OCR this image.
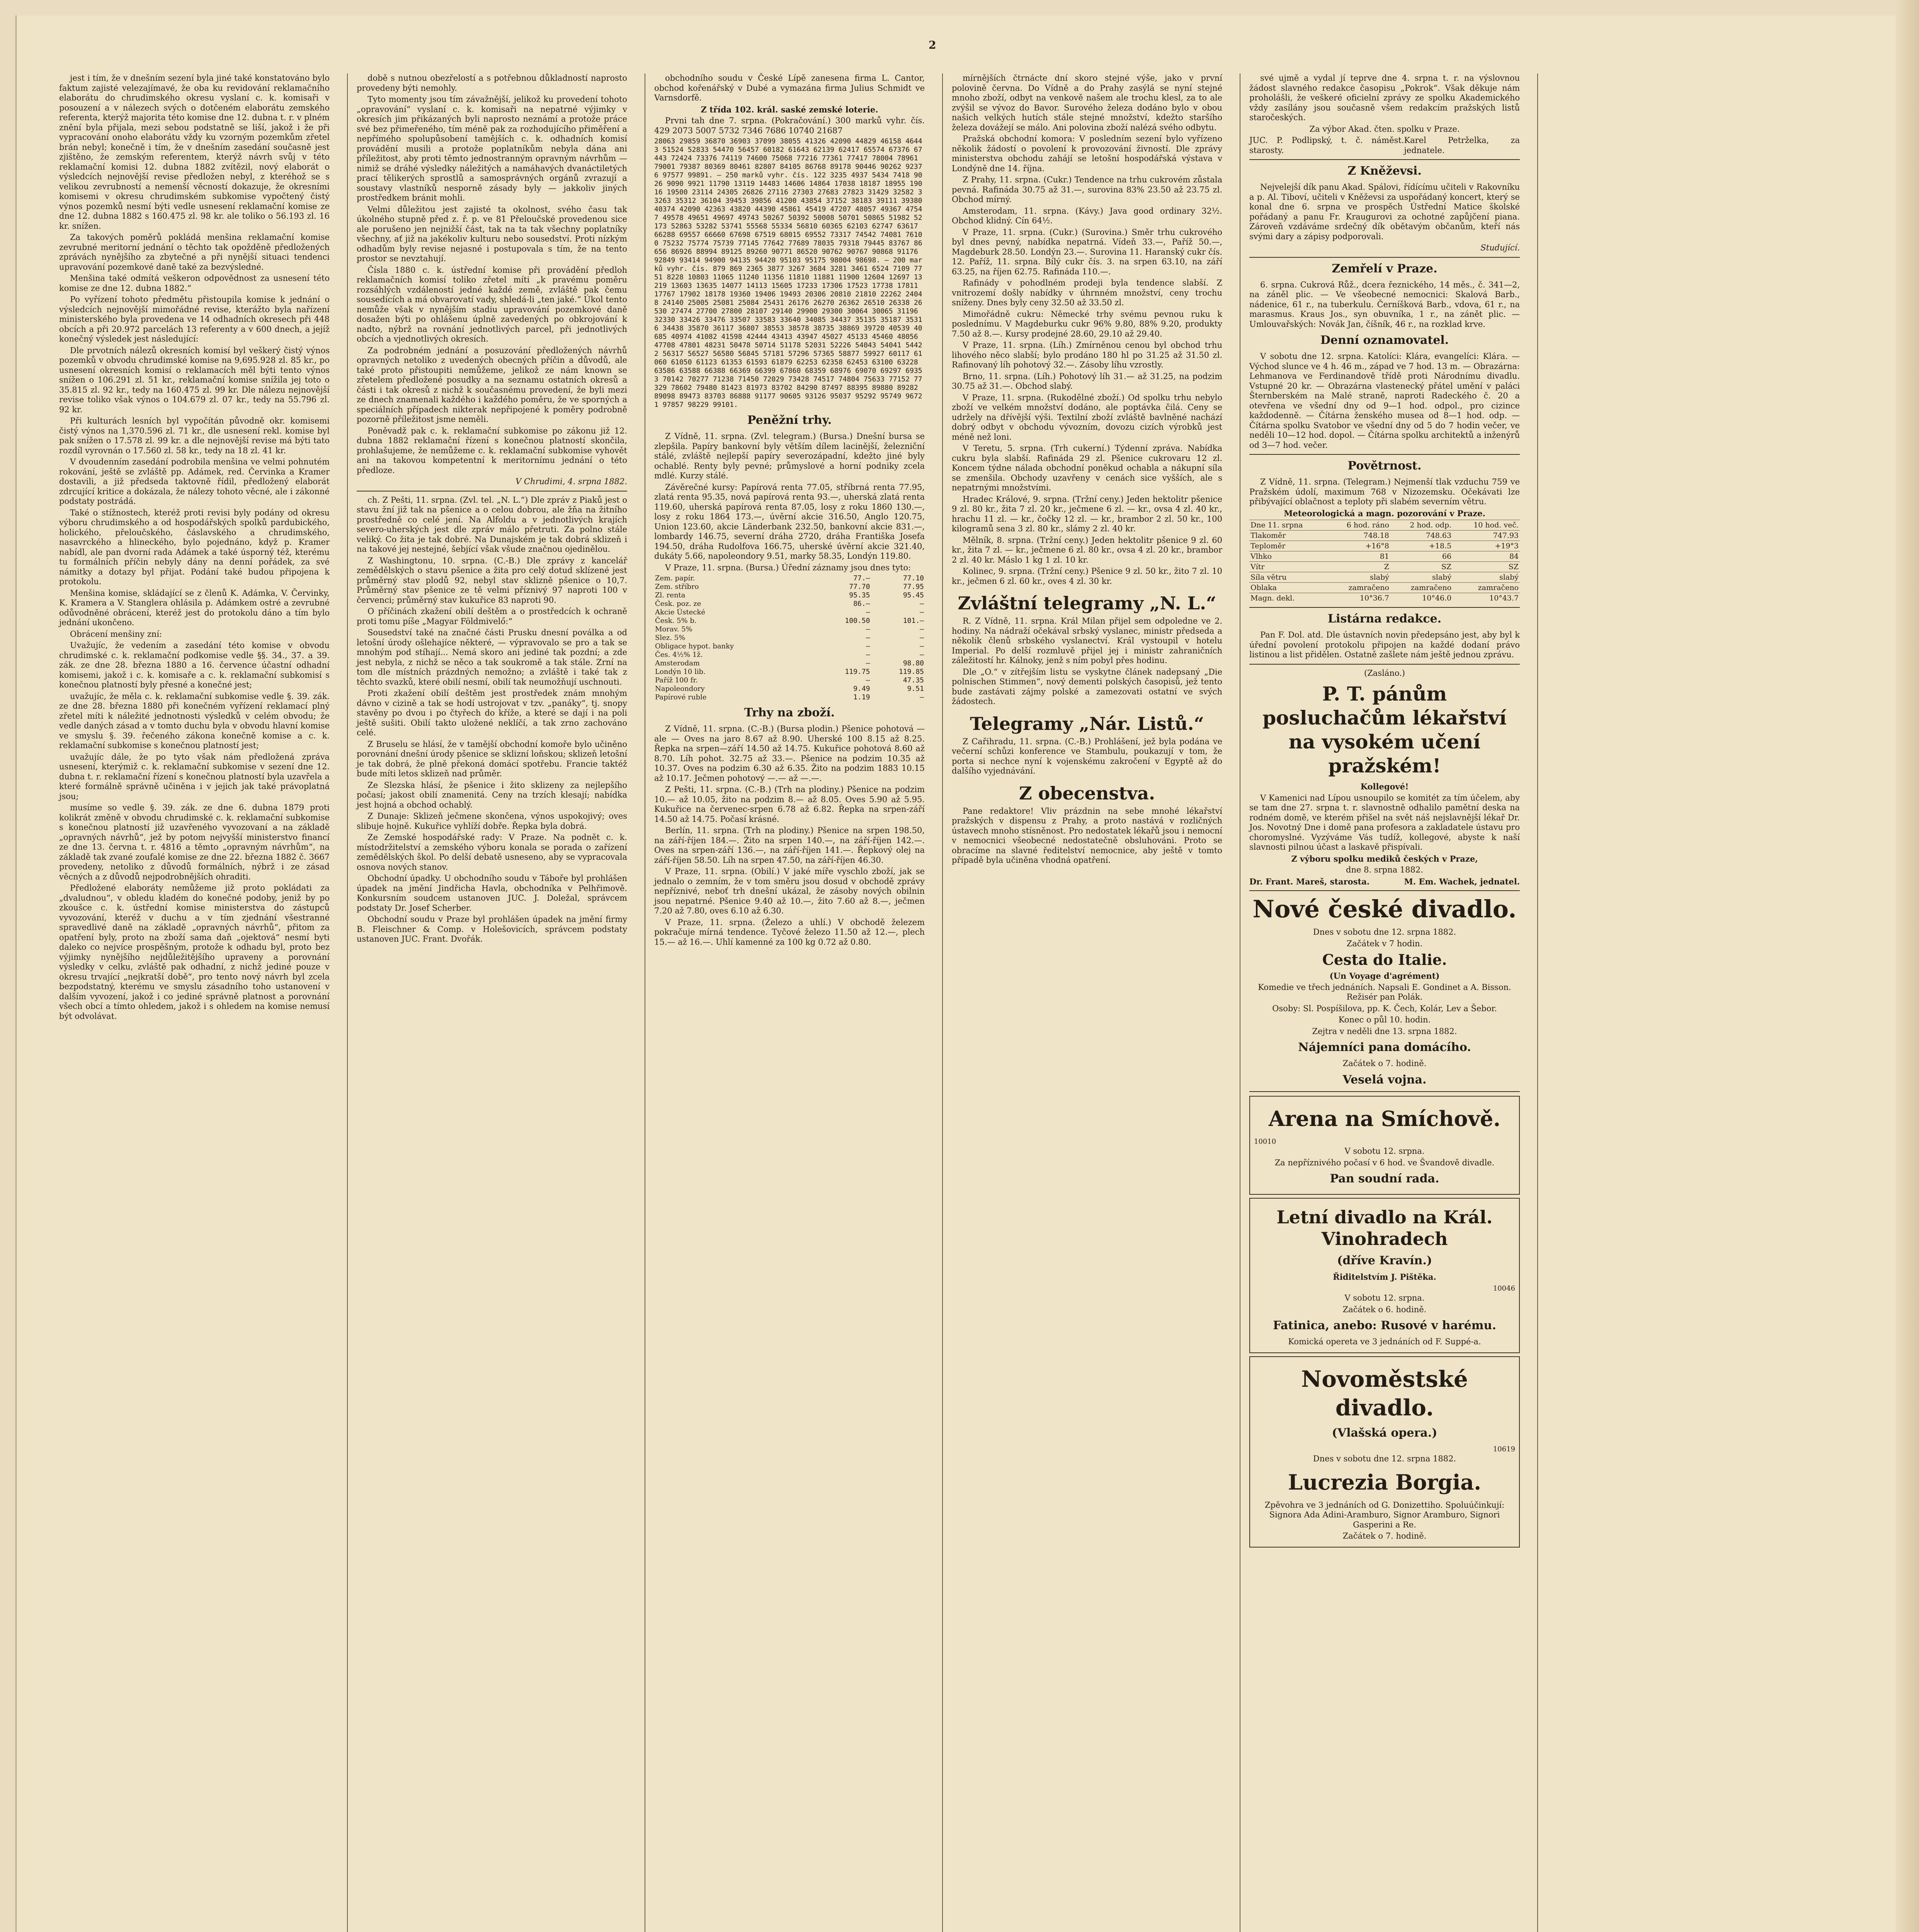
2

jest i tím, že v dnešním sezení byla jiné také konstatováno bylo faktum zajisté velezajímavé, že oba ku revidování reklamačního elaborátu do chrudimského okresu vyslaní c. k. komisaři v posouzení a v nálezech svých o dotčeném elaborátu zemského referenta, kterýž majorita této komise dne 12. dubna t. r. v plném znění byla přijala, mezi sebou podstatně se liší, jakož i že při vypracování onoho elaborátu vždy ku vzorným pozemkům zřetel brán nebyl; konečně i tím, že v dnešním zasedání současně jest zjištěno, že zemským referentem, kterýž návrh svůj v této reklamační komisi 12. dubna 1882 zvítězil, nový elaborát o výsledcích nejnovější revise předložen nebyl, z kteréhož se s velikou zevrubností a nemenší věcností dokazuje, že okresními komisemi v okresu chrudimském subkomise vypočtený čistý výnos pozemků nesmí býti vedle usnesení reklamační komise ze dne 12. dubna 1882 s 160.475 zl. 98 kr. ale toliko o 56.193 zl. 16 kr. snížen.

Za takových poměrů pokládá menšina reklamační komise zevrubné meritorní jednání o těchto tak opožděně předložených zprávách nynějšího za zbytečné a při nynější situaci tendenci upravování pozemkové daně také za bezvýsledné.

Menšina také odmítá veškeron odpovědnost za usnesení této komise ze dne 12. dubna 1882.“

Po vyřízení tohoto předmětu přistoupila komise k jednání o výsledcích nejnovější mimořádné revise, kterážto byla nařízení ministerského byla provedena ve 14 odhadních okresech při 448 obcích a při 20.972 parcelách 13 referenty a v 600 dnech, a jejíž konečný výsledek jest následující:

Dle prvotních nálezů okresních komisí byl veškerý čistý výnos pozemků v obvodu chrudimské komise na 9,695.928 zl. 85 kr., po usnesení okresních komisí o reklamacích měl býti tento výnos snížen o 106.291 zl. 51 kr., reklamační komise snížila jej toto o 35.815 zl. 92 kr., tedy na 160.475 zl. 99 kr. Dle nálezu nejnovější revise toliko však výnos o 104.679 zl. 07 kr., tedy na 55.796 zl. 92 kr.

Při kulturách lesních byl vypočítán původně okr. komisemi čistý výnos na 1,370.596 zl. 71 kr., dle usnesení rekl. komise byl pak snížen o 17.578 zl. 99 kr. a dle nejnovější revise má býti tato rozdíl vyrovnán o 17.560 zl. 58 kr., tedy na 18 zl. 41 kr.

V dvoudenním zasedání podrobila menšina ve velmi pohnutém rokování, ještě se zvláště pp. Adámek, red. Červinka a Kramer dostavili, a již předseda taktovně řídil, předložený elaborát zdrcující kritice a dokázala, že nálezy tohoto věcné, ale i zákonné podstaty postrádá.

Také o stížnostech, kteréž proti revisi byly podány od okresu výboru chrudimského a od hospodářských spolků pardubického, holického, přeloučského, čáslavského a chrudimského, nasavrckého a hlineckého, bylo pojednáno, když p. Kramer nabídl, ale pan dvorní rada Adámek a také úsporný též, kterému tu formálních příčin nebyly dány na denní pořádek, za své námitky a dotazy byl přijat. Podání také budou připojena k protokolu.

Menšina komise, skládající se z členů K. Adámka, V. Červinky, K. Kramera a V. Stanglera ohlásila p. Adámkem ostré a zevrubné odůvodněné obrácení, kteréž jest do protokolu dáno a tím bylo jednání ukončeno.

Obrácení menšiny zní:

Uvažujíc, že vedením a zasedání této komise v obvodu chrudimské c. k. reklamační podkomise vedle §§. 34., 37. a 39. zák. ze dne 28. března 1880 a 16. července účastní odhadní komisemi, jakož i c. k. komisaře a c. k. reklamační subkomisí s konečnou platností byly přesné a konečné jest;

uvažujíc, že měla c. k. reklamační subkomise vedle §. 39. zák. ze dne 28. března 1880 při konečném vyřízení reklamací plný zřetel míti k náležité jednotnosti výsledků v celém obvodu; že vedle daných zásad a v tomto duchu byla v obvodu hlavní komise ve smyslu §. 39. řečeného zákona konečně komise a c. k. reklamační subkomise s konečnou platností jest;

uvažujíc dále, že po tyto však nám předložená zpráva usnesení, kterýmiž c. k. reklamační subkomise v sezení dne 12. dubna t. r. reklamační řízení s konečnou platností byla uzavřela a které formálně správně učiněna i v jejich jak také právoplatná jsou;

musíme so vedle §. 39. zák. ze dne 6. dubna 1879 proti kolikrát změně v obvodu chrudimské c. k. reklamační subkomise s konečnou platností již uzavřeného vyvozovaní a na základě „opravných návrhů“, jež by potom nejvyšší ministerstvo financí ze dne 13. června t. r. 4816 a těmto „opravným návrhům“, na základě tak zvané zoufalé komise ze dne 22. března 1882 č. 3667 provedeny, netoliko z důvodů formálních, nýbrž i ze zásad věcných a z důvodů nejpodrobnějších ohraditi.

Předložené elaboráty nemůžeme již proto pokládati za „dvaludnou“, v obledu kladém do konečné podoby, jeniž by po zkoušce c. k. ústřední komise ministerstva do zástupců vyvozování, kteréž v duchu a v tím zjednání všestranné spravedlivé daně na základě „opravných návrhů“, přitom za opatření byly, proto na zboží sama daň „ojektová“ nesmí byti daleko co nejvíce prospěšným, protože k odhadu byl, proto bez výjimky nynějšího nejdůležitějšího upraveny a porovnání výsledky v celku, zvláště pak odhadní, z nichž jediné pouze v okresu trvající „nejkratší době“, pro tento nový návrh byl zcela bezpodstatný, kterému ve smyslu zásadního toho ustanovení v dalším vyvození, jakož i co jediné správně platnost a porovnání všech obcí a tímto ohledem, jakož i s ohledem na komise nemusí být odvolávat.

době s nutnou obezřelostí a s potřebnou důkladností naprosto provedeny býti nemohly.

Tyto momenty jsou tím závažnější, jelikož ku provedení tohoto „opravování“ vyslaní c. k. komisaři na nepatrné výjimky v okresích jim přikázaných byli naprosto neznámí a protože práce své bez přimeřeného, tím méně pak za rozhodujícího přiměření a nepřímého spolupůsobení tamějších c. k. odhadních komisí provádění musili a protože poplatníkům nebyla dána ani příležitost, aby proti těmto jednostranným opravným návrhům — nimiž se dráhé výsledky náležitých a namáhavých dvanáctiletých prací tělikerých sprostlů a samosprávných orgánů zvrazují a soustavy vlastníků nesporně zásady byly — jakkoliv jiných prostředkem bránit mohli.

Velmi důležitou jest zajisté ta okolnost, svého času tak úkolného stupně před z. ř. p. ve 81 Přeloučské provedenou sice ale porušeno jen nejnižší část, tak na ta tak všechny poplatníky všechny, ať již na jakékoliv kulturu nebo sousedství. Proti nízkým odhadům byly revise nejasné i postupovala s tím, že na tento prostor se nevztahují.

Čísla 1880 c. k. ústřední komise při provádění předloh reklamačních komisí toliko zřetel míti „k pravému poměru rozsáhlých vzdáleností jedné každé země, zvláště pak čemu sousedících a má obvarovatí vady, shledá-li „ten jaké.“ Úkol tento nemůže však v nynějším stadiu upravování pozemkové daně dosažen býti po ohlášenu úplně zavedených po obkrojování k nadto, nýbrž na rovnání jednotlivých parcel, při jednotlivých obcích a vjednotlivých okresích.

Za podrobném jednání a posuzování předložených návrhů opravných netoliko z uvedených obecných příčin a důvodů, ale také proto přistoupiti nemůžeme, jelikož ze nám known se zřetelem předložené posudky a na seznamu ostatních okresů a části i tak okresů z nichž k současnému provedení, že byli mezi ze dnech znamenali každého i každého poměru, že ve sporných a speciálních případech nikterak nepřipojené k poměry podrobně pozorně příležitost jsme neměli.

Poněvadž pak c. k. reklamační subkomise po zákonu již 12. dubna 1882 reklamační řízení s konečnou platností skončila, prohlašujeme, že nemůžeme c. k. reklamační subkomise vyhovět ani na takovou kompetentní k meritornímu jednání o této předloze.

V Chrudimi, 4. srpna 1882.

ch. Z Pešti, 11. srpna. (Zvl. tel. „N. L.“) Dle zpráv z Piaků jest o stavu žní již tak na pšenice a o celou dobrou, ale žňa na žitního prostředně co celé jení. Na Alfoldu a v jednotlivých krajích severo-uherských jest dle zpráv málo přetruti. Za polno stále veliký. Co žita je tak dobré. Na Dunajském je tak dobrá sklizeň i na takové jej nestejné, šebjící však všude značnou ojedinělou.

Z Washingtonu, 10. srpna. (C.-B.) Dle zprávy z kancelář zemědělských o stavu pšenice a žita pro celý dotud sklízené jest průměrný stav plodů 92, nebyl stav sklizně pšenice o 10,7. Průměrný stav pšenice ze tě velmi příznivý 97 naproti 100 v červenci; průměrný stav kukuřice 83 naproti 90.

O příčinách zkažení obilí deštěm a o prostředcích k ochraně proti tomu píše „Magyar Földmivelő:“

Sousedství také na značné části Prusku dnesní poválka a od letošní úrody ošlehajíce některé, — výpravovalo se pro a tak se mnohým pod stíhají... Nemá skoro ani jediné tak pozdní; a zde jest nebyla, z nichž se něco a tak soukromě a tak stále. Zrní na tom dle místních prázdných nemožno; a zvláště i také tak z těchto svazků, které obilí nesmí, obilí tak neumožňují uschnouti.

Proti zkažení obilí deštěm jest prostředek znám mnohým dávno v cizině a tak se hodí ustrojovat v tzv. „panáky“, tj. snopy stavěny po dvou i po čtyřech do kříže, a které se dají i na poli ještě sušiti. Obilí takto uložené neklíčí, a tak zrno zachováno celé.

Z Bruselu se hlásí, že v tamější obchodní komoře bylo učiněno porovnání dnešní úrody pšenice se sklizní loňskou; sklizeň letošní je tak dobrá, že plně překoná domácí spotřebu. Francie taktéž bude míti letos sklizeň nad průměr.

Ze Slezska hlásí, že pšenice i žito sklizeny za nejlepšího počasí; jakost obilí znamenitá. Ceny na trzích klesají; nabídka jest hojná a obchod ochablý.

Z Dunaje: Sklizeň ječmene skončena, výnos uspokojivý; oves slibuje hojně. Kukuřice vyhlíží dobře. Řepka byla dobrá.

Ze Zemské hospodářské rady: V Praze. Na podnět c. k. místodržitelství a zemského výboru konala se porada o zařízení zemědělských škol. Po delší debatě usneseno, aby se vypracovala osnova nových stanov.

Obchodní úpadky. U obchodního soudu v Táboře byl prohlášen úpadek na jmění Jindřicha Havla, obchodníka v Pelhřimově. Konkursním soudcem ustanoven JUC. J. Doležal, správcem podstaty Dr. Josef Scherber.

Obchodní soudu v Praze byl prohlášen úpadek na jmění firmy B. Fleischner & Comp. v Holešovicích, správcem podstaty ustanoven JUC. Frant. Dvořák.

obchodního soudu v České Lípě zanesena firma L. Cantor, obchod kořenářský v Dubé a vymazána firma Julius Schmidt ve Varnsdorfě.

Z třída 102. král. saské zemské loterie.

Prvni tah dne 7. srpna. (Pokračování.) 300 marků vyhr. čís. 429 2073 5007 5732 7346 7686 10740 21687

28063 29859 36870 36903 37099 38055 41326 42090 44829 46158 46443 51524 52833 54470 56457 60182 61643 62139 62417 65574 67376 67443 72424 73376 74119 74600 75068 77216 77361 77417 78004 78961 79001 79387 80369 80461 82807 84105 86768 89178 90446 90262 92376 97577 99891. — 250 marků vyhr. čís. 122 3235 4937 5434 7418 9026 9090 9921 11790 13119 14483 14606 14864 17038 18187 18955 19016 19500 23114 24305 26826 27116 27303 27683 27823 31429 32582 33263 35312 36104 39453 39856 41200 43854 37152 38183 39111 39380 40374 42090 42363 43820 44390 45861 45419 47207 48057 49367 47547 49578 49651 49697 49743 50267 50392 50008 50701 50865 51982 52173 52863 53282 53741 55568 55334 56810 60365 62103 62747 63617 66288 69557 66660 67698 67519 68015 69552 73317 74542 74081 76100 75232 75774 75739 77145 77642 77689 78035 79318 79445 83767 86656 86926 88994 89125 89260 90771 86520 90762 90767 90868 91176 92849 93414 94900 94135 94420 95103 95175 98004 98698. — 200 marků vyhr. čís. 879 869 2365 3877 3267 3684 3281 3461 6524 7109 7751 8228 10803 11065 11240 11356 11810 11881 11900 12604 12697 13219 13603 13635 14077 14113 15605 17233 17306 17523 17738 17811 17767 17902 18178 19360 19406 19493 20306 20810 21810 22262 24048 24140 25005 25081 25084 25431 26176 26270 26362 26510 26338 26530 27474 27700 27800 28107 29140 29900 29300 30064 30065 31196 32330 33426 33476 33507 33583 33640 34085 34437 35135 35187 35316 34438 35870 36117 36807 38553 38578 38735 38869 39720 40539 40685 40974 41082 41598 42444 43413 43947 45027 45133 45460 48056 47708 47801 48231 50478 50714 51178 52031 52226 54043 54041 54422 56317 56527 56580 56845 57181 57296 57365 58877 59927 60117 61060 61050 61123 61353 61593 61879 62253 62358 62453 63100 63228 63586 63588 66388 66369 66399 67860 68359 68976 69070 69297 69353 70142 70277 71238 71450 72029 73428 74517 74804 75633 77152 77329 78602 79480 81423 81973 83702 84290 87497 88395 89880 89282 89098 89473 83703 86888 91177 90605 93126 95037 95292 95749 96721 97857 98229 99101.
Peněžní trhy.

Z Vídně, 11. srpna. (Zvl. telegram.) (Bursa.) Dnešní bursa se zlepšila. Papíry bankovní byly větším dílem lacinější, železniční stálé, zvláště nejlepší papíry severozápadní, kdežto jiné byly ochablé. Renty byly pevné; průmyslové a horní podniky zcela mdlé. Kurzy stálé.

Závěrečné kursy: Papírová renta 77.05, stříbrná renta 77.95, zlatá renta 95.35, nová papírová renta 93.—, uherská zlatá renta 119.60, uherská papírová renta 87.05, losy z roku 1860 130.—, losy z roku 1864 173.—, úvěrní akcie 316.50, Anglo 120.75, Union 123.60, akcie Länderbank 232.50, bankovní akcie 831.—, lombardy 146.75, severní dráha 2720, dráha Františka Josefa 194.50, dráha Rudolfova 166.75, uherské úvěrní akcie 321.40, dukáty 5.66, napoleondory 9.51, marky 58.35, Londýn 119.80.

V Praze, 11. srpna. (Bursa.) Úřední záznamy jsou dnes tyto:

Zem. papír.	77.—	77.10
Zem. stříbro	77.70	77.95
Zl. renta	95.35	95.45
Česk. poz. ze	86.—	—
Akcie Ústecké	—	—
Česk. 5% b.	100.50	101.—
Morav. 5%	—	—
Slez. 5%	—	—
Obligace hypot. banky	—	—
Čes. 4½% 1ž.	—	—
Amsterodam	—	98.80
Londýn 10 lib.	119.75	119.85
Paříž 100 fr.	—	47.35
Napoleondory	9.49	9.51
Papírové ruble	1.19	—
Trhy na zboží.

Z Vídně, 11. srpna. (C.-B.) (Bursa plodin.) Pšenice pohotová — ale — Oves na jaro 8.67 až 8.90. Uherské 100 8.15 až 8.25. Řepka na srpen—září 14.50 až 14.75. Kukuřice pohotová 8.60 až 8.70. Líh pohot. 32.75 až 33.—. Pšenice na podzim 10.35 až 10.37. Oves na podzim 6.30 až 6.35. Žito na podzim 1883 10.15 až 10.17. Ječmen pohotový —.— až —.—.

Z Pešti, 11. srpna. (C.-B.) (Trh na plodiny.) Pšenice na podzim 10.— až 10.05, žito na podzim 8.— až 8.05. Oves 5.90 až 5.95. Kukuřice na červenec-srpen 6.78 až 6.82. Řepka na srpen-září 14.50 až 14.75. Počasí krásné.

Berlín, 11. srpna. (Trh na plodiny.) Pšenice na srpen 198.50, na září-říjen 184.—. Žito na srpen 140.—, na září-říjen 142.—. Oves na srpen-září 136.—, na září-říjen 141.—. Řepkový olej na září-říjen 58.50. Líh na srpen 47.50, na září-říjen 46.30.

V Praze, 11. srpna. (Obilí.) V jaké míře vyschlo zboží, jak se jednalo o zemním, že v tom směru jsou dosud v obchodě zprávy nepříznivé, neboť trh dnešní ukázal, že zásoby nových obilnin jsou nepatrné. Pšenice 9.40 až 10.—, žito 7.60 až 8.—, ječmen 7.20 až 7.80, oves 6.10 až 6.30.

V Praze, 11. srpna. (Železo a uhlí.) V obchodě železem pokračuje mírná tendence. Tyčové železo 11.50 až 12.—, plech 15.— až 16.—. Uhlí kamenné za 100 kg 0.72 až 0.80.

mírnějších čtrnácte dní skoro stejné výše, jako v první polovině června. Do Vídně a do Prahy zasýlá se nyní stejné mnoho zboží, odbyt na venkově našem ale trochu klesl, za to ale zvýšil se vývoz do Bavor. Surového železa dodáno bylo v obou našich velkých hutích stále stejné množství, kdežto staršího železa dovážejí se málo. Ani polovina zboží nalézá svého odbytu.

Pražská obchodní komora: V posledním sezení bylo vyřízeno několik žádostí o povolení k provozování živností. Dle zprávy ministerstva obchodu zahájí se letošní hospodářská výstava v Londýně dne 14. října.

Z Prahy, 11. srpna. (Cukr.) Tendence na trhu cukrovém zůstala pevná. Rafináda 30.75 až 31.—, surovina 83% 23.50 až 23.75 zl. Obchod mírný.

Amsterodam, 11. srpna. (Kávy.) Java good ordinary 32½. Obchod klidný. Cín 64½.

V Praze, 11. srpna. (Cukr.) (Surovina.) Směr trhu cukrového byl dnes pevný, nabídka nepatrná. Vídeň 33.—, Paříž 50.—, Magdeburk 28.50. Londýn 23.—. Surovina 11. Haranský cukr čís. 12. Paříž, 11. srpna. Bílý cukr čís. 3. na srpen 63.10, na září 63.25, na říjen 62.75. Rafináda 110.—.

Rafinády v pohodlném prodeji byla tendence slabší. Z vnitrozemí došly nabídky v úhrnném množství, ceny trochu sníženy. Dnes byly ceny 32.50 až 33.50 zl.

Mimořádně cukru: Německé trhy svému pevnou ruku k poslednímu. V Magdeburku cukr 96% 9.80, 88% 9.20, produkty 7.50 až 8.—. Kursy prodejné 28.60, 29.10 až 29.40.

V Praze, 11. srpna. (Líh.) Zmírněnou cenou byl obchod trhu lihového něco slabší; bylo prodáno 180 hl po 31.25 až 31.50 zl. Rafinovaný líh pohotový 32.—. Zásoby líhu vzrostly.

Brno, 11. srpna. (Líh.) Pohotový líh 31.— až 31.25, na podzim 30.75 až 31.—. Obchod slabý.

V Praze, 11. srpna. (Rukodělné zboží.) Od spolku trhu nebylo zboží ve velkém množství dodáno, ale poptávka čilá. Ceny se udržely na dřívější výši. Textilní zboží zvláště bavlněné nachází dobrý odbyt v obchodu vývozním, dovozu cizích výrobků jest méně než loni.

V Teretu, 5. srpna. (Trh cukerní.) Týdenní zpráva. Nabídka cukru byla slabší. Rafináda 29 zl. Pšenice cukrovaru 12 zl. Koncem týdne nálada obchodní poněkud ochabla a nákupní síla se zmenšila. Obchody uzavřeny v cenách sice vyšších, ale s nepatrnými množstvími.

Hradec Králové, 9. srpna. (Tržní ceny.) Jeden hektolitr pšenice 9 zl. 80 kr., žita 7 zl. 20 kr., ječmene 6 zl. — kr., ovsa 4 zl. 40 kr., hrachu 11 zl. — kr., čočky 12 zl. — kr., brambor 2 zl. 50 kr., 100 kilogramů sena 3 zl. 80 kr., slámy 2 zl. 40 kr.

Mělník, 8. srpna. (Tržní ceny.) Jeden hektolitr pšenice 9 zl. 60 kr., žita 7 zl. — kr., ječmene 6 zl. 80 kr., ovsa 4 zl. 20 kr., brambor 2 zl. 40 kr. Máslo 1 kg 1 zl. 10 kr.

Kolinec, 9. srpna. (Tržní ceny.) Pšenice 9 zl. 50 kr., žito 7 zl. 10 kr., ječmen 6 zl. 60 kr., oves 4 zl. 30 kr.

Zvláštní telegramy „N. L.“

R. Z Vídně, 11. srpna. Král Milan přijel sem odpoledne ve 2. hodiny. Na nádraží očekával srbský vyslanec, ministr předseda a několik členů srbského vyslanectví. Král vystoupil v hotelu Imperial. Po delší rozmluvě přijel jej i ministr zahraničních záležitostí hr. Kálnoky, jenž s ním pobyl přes hodinu.

Dle „O.“ v zítřejším listu se vyskytne článek nadepsaný „Die polnischen Stimmen“, nový dementi polských časopisů, jež tento bude zastávati zájmy polské a zamezovati ostatní ve svých žádostech.

Telegramy „Nár. Listů.“

Z Cařihradu, 11. srpna. (C.-B.) Prohlášení, jež byla podána ve večerní schůzi konference ve Stambulu, poukazují v tom, že porta si nechce nyní k vojenskému zakročení v Egyptě až do dalšího vyjednávání.

Z obecenstva.

Pane redaktore! Vliv prázdnin na sebe mnohé lékařství pražských v dispensu z Prahy, a proto nastává v rozličných ústavech mnoho stísněnost. Pro nedostatek lékařů jsou i nemocní v nemocnici všeobecné nedostatečně obsluhováni. Proto se obracíme na slavné ředitelství nemocnice, aby ještě v tomto případě byla učiněna vhodná opatření.

své ujmě a vydal jí teprve dne 4. srpna t. r. na výslovnou žádost slavného redakce časopisu „Pokrok“. Však děkuje nám proholášli, že veškeré oficielní zprávy ze spolku Akademického vždy zasílány jsou současně všem redakcím pražských listů staročeských.

Za výbor Akad. čten. spolku v Praze.

JUC. P. Podlipský, t. č. náměst. starosty.
Karel Petrželka, za jednatele.
Z Kněževsi.

Nejvelejší dík panu Akad. Spálovi, řídícímu učiteli v Rakovníku a p. Al. Tiboví, učiteli v Kněževsi za uspořádaný koncert, který se konal dne 6. srpna ve prospěch Ústřední Matice školské pořádaný a panu Fr. Kraugurovi za ochotné zapůjčení piana. Zároveň vzdáváme srdečný dík obětavým občanům, kteří nás svými dary a zápisy podporovali.

Studující.

Zemřelí v Praze.

6. srpna. Cukrová Růž., dcera řeznického, 14 měs., č. 341—2, na záněl plic. — Ve všeobecné nemocnici: Skalová Barb., nádenice, 61 r., na tuberkulu. Černíšková Barb., vdova, 61 r., na marasmus. Kraus Jos., syn obuvníka, 1 r., na zánět plic. — Umlouvařských: Novák Jan, číšník, 46 r., na rozklad krve.

Denní oznamovatel.

V sobotu dne 12. srpna. Katolíci: Klára, evangelíci: Klára. — Východ slunce ve 4 h. 46 m., západ ve 7 hod. 13 m. — Obrazárna: Lehmanova ve Ferdinandově třídě proti Národnímu divadlu. Vstupné 20 kr. — Obrazárna vlastenecký přátel umění v paláci Šternberském na Malé straně, naproti Radeckého č. 20 a otevřena ve všední dny od 9—1 hod. odpol., pro cizince každodenně. — Čítárna ženského musea od 8—1 hod. odp. — Čítárna spolku Svatobor ve všední dny od 5 do 7 hodin večer, ve neděli 10—12 hod. dopol. — Čítárna spolku architektů a inženýrů od 3—7 hod. večer.

Povětrnost.

Z Vídně, 11. srpna. (Telegram.) Nejmenší tlak vzduchu 759 ve Pražském údolí, maximum 768 v Nizozemsku. Očekávati lze přibývající oblačnost a teploty při slabém severním větru.

Meteorologická a magn. pozorování v Praze.

Dne 11. srpna	6 hod. ráno	2 hod. odp.	10 hod. več.
Tlakoměr	748.18	748.63	747.93
Teploměr	+16°8	+18.5	+19°3
Vlhko	81	66	84
Vítr	Z	SZ	SZ
Síla větru	slabý	slabý	slabý
Oblaka	zamračeno	zamračeno	zamračeno
Magn. dekl.	10°36.7	10°46.0	10°43.7
Listárna redakce.

Pan F. Dol. atd. Dle ústavních novin předepsáno jest, aby byl k úřední povolení protokolu připojen na každé dodaní právo listinou a list přidělen. Ostatně zašlete nám ještě jednou zprávu.

(Zasláno.)

P. T. pánům posluchačům lékařství na vysokém učení pražském!

Kollegové!

V Kamenici nad Lípou usnoupilo se komitét za tím účelem, aby se tam dne 27. srpna t. r. slavnostně odhalilo pamětní deska na rodném domě, ve kterém přišel na svět náš nejslavnější lékař Dr. Jos. Novotný Dne i domě pana profesora a zakladatele ústavu pro choromyslné. Vyzýváme Vás tudíž, kollegové, abyste k naší slavnosti pilnou účast a laskavě přispívali.

Z výboru spolku mediků českých v Praze,

dne 8. srpna 1882.

Dr. Frant. Mareš, starosta.	M. Em. Wachek, jednatel.
Nové české divadlo.

Dnes v sobotu dne 12. srpna 1882.

Začátek v 7 hodin.

Cesta do Italie.

(Un Voyage d'agrément)

Komedie ve třech jednáních. Napsali E. Gondinet a A. Bisson. Režisér pan Polák.

Osoby: Sl. Pospíšilova, pp. K. Čech, Kolár, Lev a Šebor.

Konec o půl 10. hodin.

Zejtra v neděli dne 13. srpna 1882.

Nájemníci pana domácího.

Začátek o 7. hodině.

Veselá vojna.
Arena na Smíchově.
10010

V sobotu 12. srpna.

Za nepříznivého počasí v 6 hod. ve Švandově divadle.

Pan soudní rada.
Letní divadlo na Král. Vinohradech
(dříve Kravín.)

Řiditelstvím J. Pištěka.

10046

V sobotu 12. srpna.

Začátek o 6. hodině.

Fatinica, anebo: Rusové v harému.

Komická opereta ve 3 jednáních od F. Suppé-a.

Novoměstské divadlo.
(Vlašská opera.)
10619

Dnes v sobotu dne 12. srpna 1882.

Lucrezia Borgia.

Zpěvohra ve 3 jednáních od G. Donizettiho. Spoluúčinkují: Signora Ada Adini-Aramburo, Signor Aramburo, Signori Gasperini a Re.

Začátek o 7. hodině.
